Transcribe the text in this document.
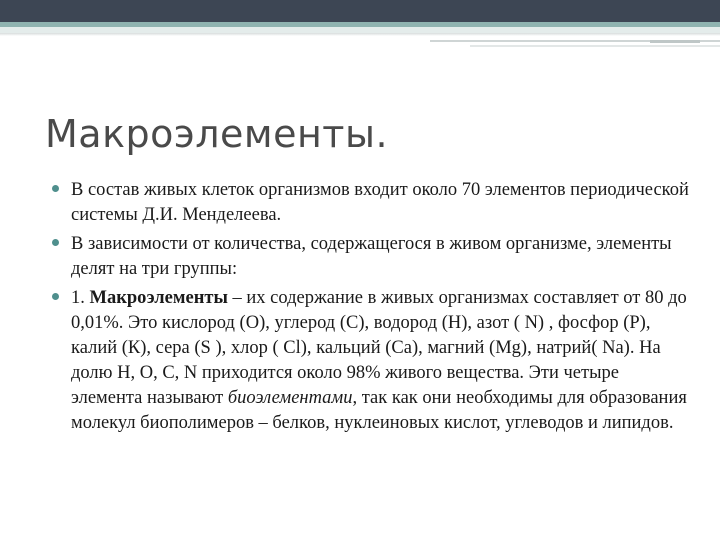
Макроэлементы.
В состав живых клеток организмов входит около 70 элементов периодической системы Д.И. Менделеева.
В зависимости от количества, содержащегося в живом организме, элементы делят на три группы:
1. Макроэлементы – их содержание в живых организмах составляет от 80 до 0,01%. Это кислород (О), углерод (С), водород (Н), азот ( N) , фосфор (P), калий (К), сера (S ), хлор ( Cl), кальций (Са), магний (Mg), натрий( Na). На долю H, O, C, N приходится около 98% живого вещества. Эти четыре элемента называют биоэлементами, так как они необходимы для образования молекул биополимеров – белков, нуклеиновых кислот, углеводов и липидов.
